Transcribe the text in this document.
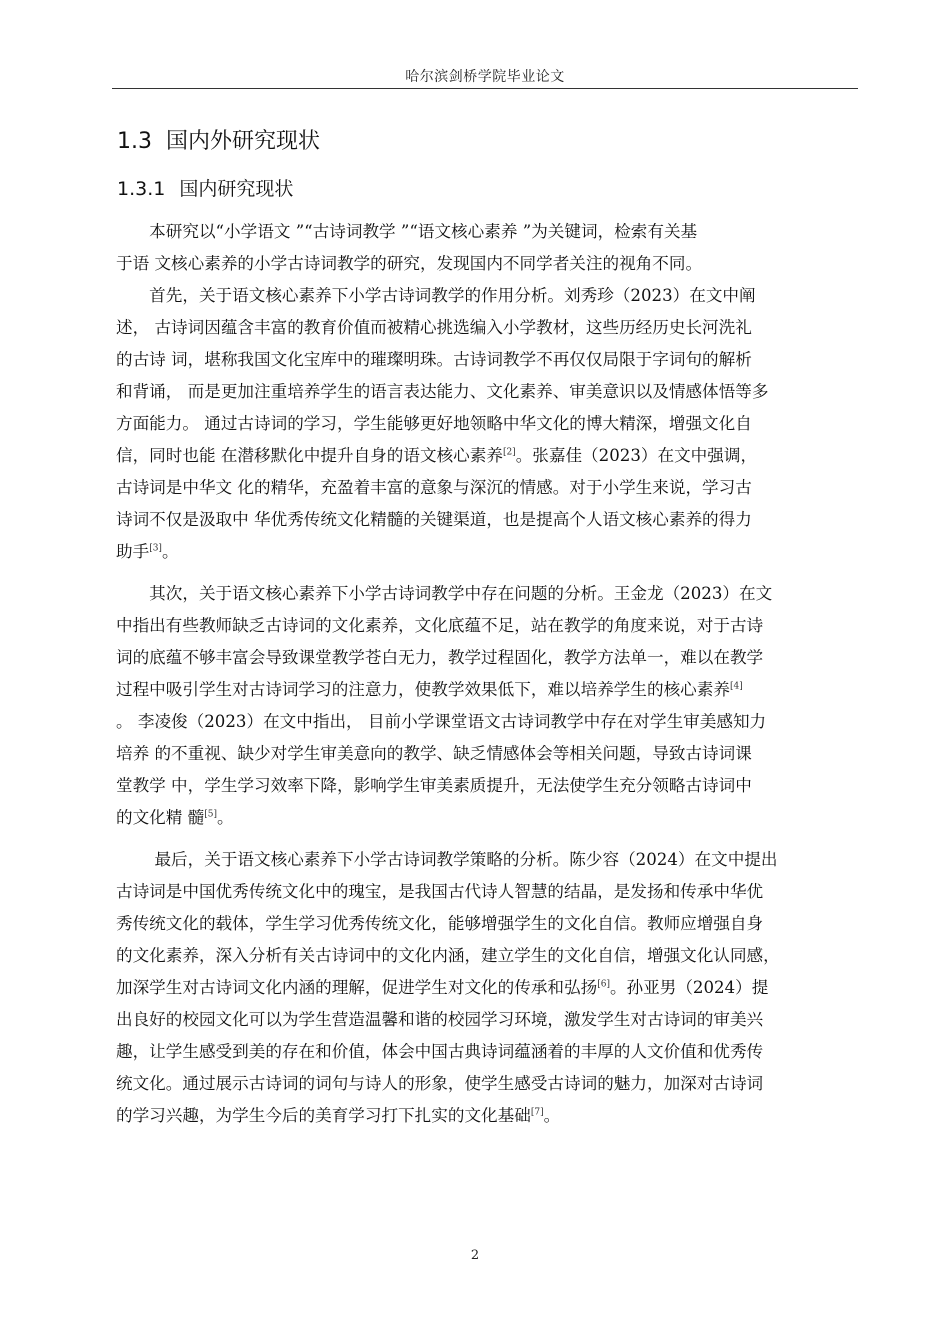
哈尔滨剑桥学院毕业论文
1.3 国内外研究现状
1.3.1 国内研究现状
　　本研究以“小学语文 ”“古诗词教学 ”“语文核心素养 ”为关键词，检索有关基
于语 文核心素养的小学古诗词教学的研究，发现国内不同学者关注的视角不同。
　　首先，关于语文核心素养下小学古诗词教学的作用分析。刘秀珍（2023）在文中阐
述， 古诗词因蕴含丰富的教育价值而被精心挑选编入小学教材，这些历经历史长河洗礼
的古诗 词，堪称我国文化宝库中的璀璨明珠。古诗词教学不再仅仅局限于字词句的解析
和背诵， 而是更加注重培养学生的语言表达能力、文化素养、审美意识以及情感体悟等多
方面能力。 通过古诗词的学习，学生能够更好地领略中华文化的博大精深，增强文化自
信，同时也能 在潜移默化中提升自身的语文核心素养[2]。张嘉佳（2023）在文中强调，
古诗词是中华文 化的精华，充盈着丰富的意象与深沉的情感。对于小学生来说，学习古
诗词不仅是汲取中 华优秀传统文化精髓的关键渠道，也是提高个人语文核心素养的得力
助手[3]。
　　其次，关于语文核心素养下小学古诗词教学中存在问题的分析。王金龙（2023）在文
中指出有些教师缺乏古诗词的文化素养，文化底蕴不足，站在教学的角度来说，对于古诗
词的底蕴不够丰富会导致课堂教学苍白无力，教学过程固化，教学方法单一，难以在教学
过程中吸引学生对古诗词学习的注意力，使教学效果低下，难以培养学生的核心素养[4]
。 李凌俊（2023）在文中指出， 目前小学课堂语文古诗词教学中存在对学生审美感知力
培养 的不重视、缺少对学生审美意向的教学、缺乏情感体会等相关问题，导致古诗词课
堂教学 中，学生学习效率下降，影响学生审美素质提升，无法使学生充分领略古诗词中
的文化精 髓[5]。
　　 最后，关于语文核心素养下小学古诗词教学策略的分析。陈少容（2024）在文中提出
古诗词是中国优秀传统文化中的瑰宝，是我国古代诗人智慧的结晶，是发扬和传承中华优
秀传统文化的载体，学生学习优秀传统文化，能够增强学生的文化自信。教师应增强自身
的文化素养，深入分析有关古诗词中的文化内涵，建立学生的文化自信，增强文化认同感，
加深学生对古诗词文化内涵的理解，促进学生对文化的传承和弘扬[6]。孙亚男（2024）提
出良好的校园文化可以为学生营造温馨和谐的校园学习环境，激发学生对古诗词的审美兴
趣，让学生感受到美的存在和价值，体会中国古典诗词蕴涵着的丰厚的人文价值和优秀传
统文化。通过展示古诗词的词句与诗人的形象，使学生感受古诗词的魅力，加深对古诗词
的学习兴趣，为学生今后的美育学习打下扎实的文化基础[7]。
2
